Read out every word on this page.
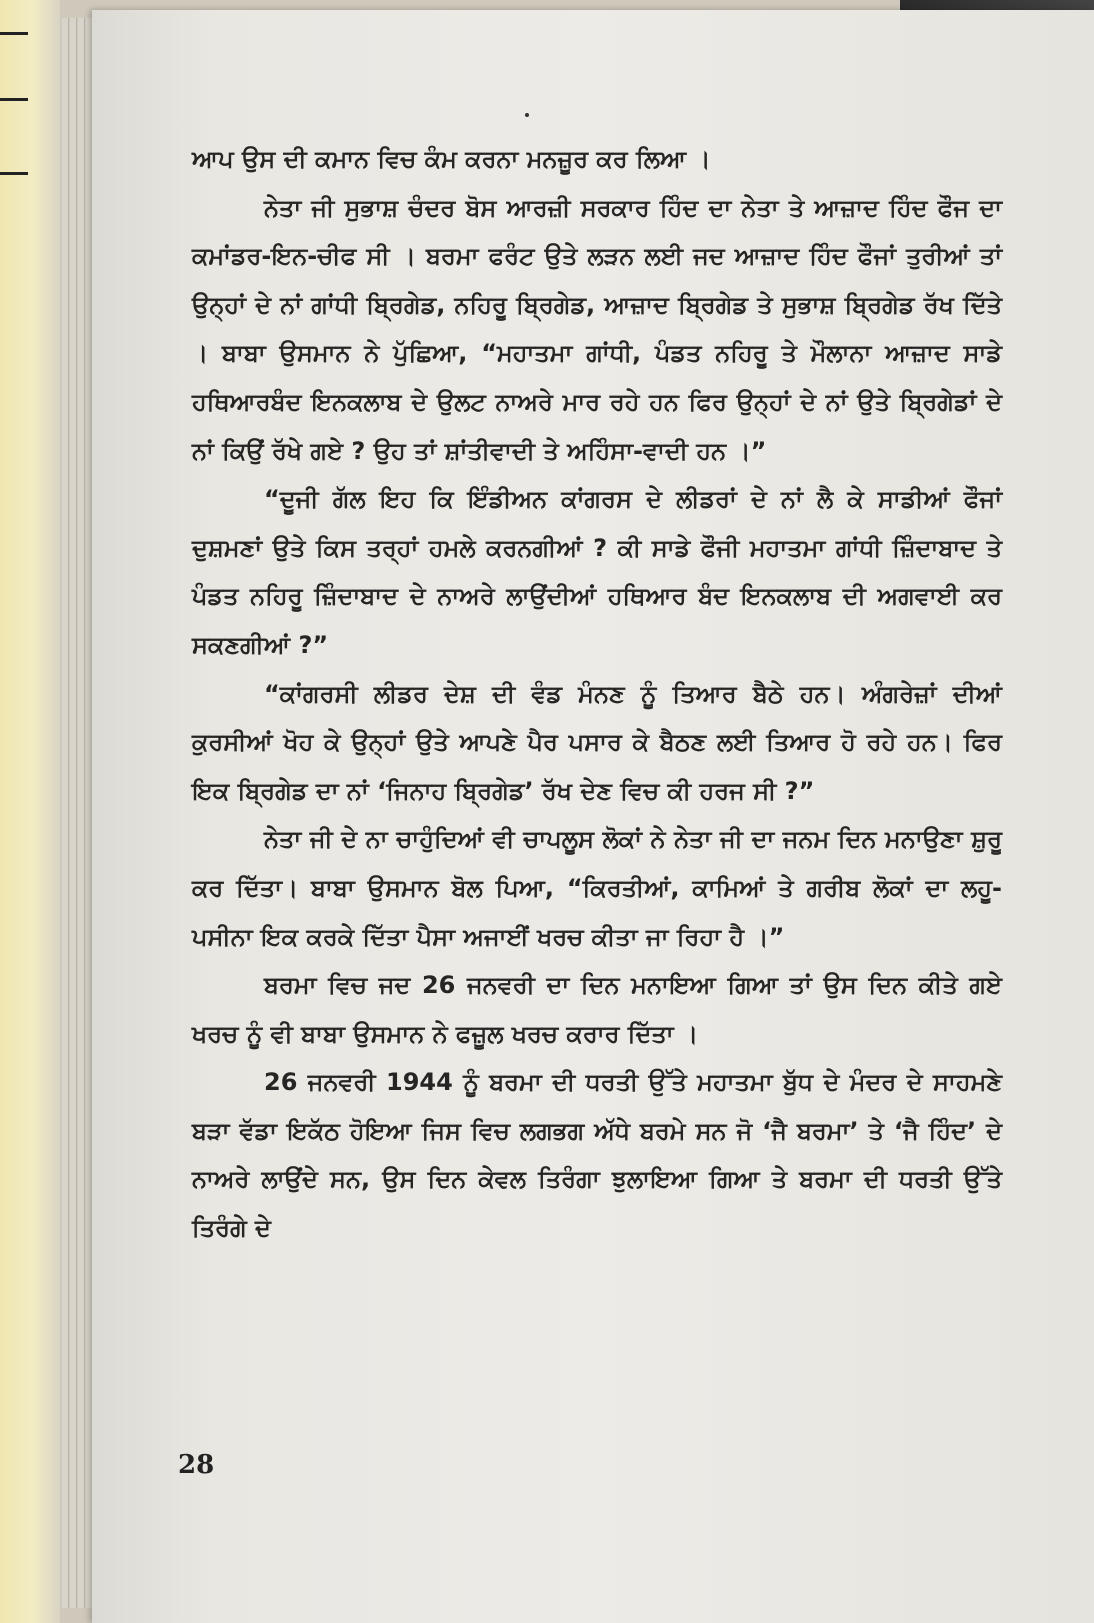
ਆਪ ਉਸ ਦੀ ਕਮਾਨ ਵਿਚ ਕੰਮ ਕਰਨਾ ਮਨਜ਼ੂਰ ਕਰ ਲਿਆ ।

ਨੇਤਾ ਜੀ ਸੁਭਾਸ਼ ਚੰਦਰ ਬੋਸ ਆਰਜ਼ੀ ਸਰਕਾਰ ਹਿੰਦ ਦਾ ਨੇਤਾ ਤੇ ਆਜ਼ਾਦ ਹਿੰਦ ਫੌਜ ਦਾ ਕਮਾਂਡਰ-ਇਨ-ਚੀਫ ਸੀ । ਬਰਮਾ ਫਰੰਟ ਉਤੇ ਲੜਨ ਲਈ ਜਦ ਆਜ਼ਾਦ ਹਿੰਦ ਫੌਜਾਂ ਤੁਰੀਆਂ ਤਾਂ ਉਨ੍ਹਾਂ ਦੇ ਨਾਂ ਗਾਂਧੀ ਬ੍ਰਿਗੇਡ, ਨਹਿਰੂ ਬ੍ਰਿਗੇਡ, ਆਜ਼ਾਦ ਬ੍ਰਿਗੇਡ ਤੇ ਸੁਭਾਸ਼ ਬ੍ਰਿਗੇਡ ਰੱਖ ਦਿੱਤੇ । ਬਾਬਾ ਉਸਮਾਨ ਨੇ ਪੁੱਛਿਆ, “ਮਹਾਤਮਾ ਗਾਂਧੀ, ਪੰਡਤ ਨਹਿਰੂ ਤੇ ਮੌਲਾਨਾ ਆਜ਼ਾਦ ਸਾਡੇ ਹਥਿਆਰਬੰਦ ਇਨਕਲਾਬ ਦੇ ਉਲਟ ਨਾਅਰੇ ਮਾਰ ਰਹੇ ਹਨ ਫਿਰ ਉਨ੍ਹਾਂ ਦੇ ਨਾਂ ਉਤੇ ਬ੍ਰਿਗੇਡਾਂ ਦੇ ਨਾਂ ਕਿਉਂ ਰੱਖੇ ਗਏ ? ਉਹ ਤਾਂ ਸ਼ਾਂਤੀਵਾਦੀ ਤੇ ਅਹਿੰਸਾ-ਵਾਦੀ ਹਨ ।”

“ਦੂਜੀ ਗੱਲ ਇਹ ਕਿ ਇੰਡੀਅਨ ਕਾਂਗਰਸ ਦੇ ਲੀਡਰਾਂ ਦੇ ਨਾਂ ਲੈ ਕੇ ਸਾਡੀਆਂ ਫੌਜਾਂ ਦੁਸ਼ਮਣਾਂ ਉਤੇ ਕਿਸ ਤਰ੍ਹਾਂ ਹਮਲੇ ਕਰਨਗੀਆਂ ? ਕੀ ਸਾਡੇ ਫੌਜੀ ਮਹਾਤਮਾ ਗਾਂਧੀ ਜ਼ਿੰਦਾਬਾਦ ਤੇ ਪੰਡਤ ਨਹਿਰੂ ਜ਼ਿੰਦਾਬਾਦ ਦੇ ਨਾਅਰੇ ਲਾਉਂਦੀਆਂ ਹਥਿਆਰ ਬੰਦ ਇਨਕਲਾਬ ਦੀ ਅਗਵਾਈ ਕਰ ਸਕਣਗੀਆਂ ?”

“ਕਾਂਗਰਸੀ ਲੀਡਰ ਦੇਸ਼ ਦੀ ਵੰਡ ਮੰਨਣ ਨੂੰ ਤਿਆਰ ਬੈਠੇ ਹਨ। ਅੰਗਰੇਜ਼ਾਂ ਦੀਆਂ ਕੁਰਸੀਆਂ ਖੋਹ ਕੇ ਉਨ੍ਹਾਂ ਉਤੇ ਆਪਣੇ ਪੈਰ ਪਸਾਰ ਕੇ ਬੈਠਣ ਲਈ ਤਿਆਰ ਹੋ ਰਹੇ ਹਨ। ਫਿਰ ਇਕ ਬ੍ਰਿਗੇਡ ਦਾ ਨਾਂ ‘ਜਿਨਾਹ ਬ੍ਰਿਗੇਡ’ ਰੱਖ ਦੇਣ ਵਿਚ ਕੀ ਹਰਜ ਸੀ ?”

ਨੇਤਾ ਜੀ ਦੇ ਨਾ ਚਾਹੁੰਦਿਆਂ ਵੀ ਚਾਪਲੂਸ ਲੋਕਾਂ ਨੇ ਨੇਤਾ ਜੀ ਦਾ ਜਨਮ ਦਿਨ ਮਨਾਉਣਾ ਸ਼ੁਰੂ ਕਰ ਦਿੱਤਾ। ਬਾਬਾ ਉਸਮਾਨ ਬੋਲ ਪਿਆ, “ਕਿਰਤੀਆਂ, ਕਾਮਿਆਂ ਤੇ ਗਰੀਬ ਲੋਕਾਂ ਦਾ ਲਹੂ-ਪਸੀਨਾ ਇਕ ਕਰਕੇ ਦਿੱਤਾ ਪੈਸਾ ਅਜਾਈਂ ਖਰਚ ਕੀਤਾ ਜਾ ਰਿਹਾ ਹੈ ।”

ਬਰਮਾ ਵਿਚ ਜਦ 26 ਜਨਵਰੀ ਦਾ ਦਿਨ ਮਨਾਇਆ ਗਿਆ ਤਾਂ ਉਸ ਦਿਨ ਕੀਤੇ ਗਏ ਖਰਚ ਨੂੰ ਵੀ ਬਾਬਾ ਉਸਮਾਨ ਨੇ ਫਜ਼ੂਲ ਖਰਚ ਕਰਾਰ ਦਿੱਤਾ ।

26 ਜਨਵਰੀ 1944 ਨੂੰ ਬਰਮਾ ਦੀ ਧਰਤੀ ਉੱਤੇ ਮਹਾਤਮਾ ਬੁੱਧ ਦੇ ਮੰਦਰ ਦੇ ਸਾਹਮਣੇ ਬੜਾ ਵੱਡਾ ਇਕੱਠ ਹੋਇਆ ਜਿਸ ਵਿਚ ਲਗਭਗ ਅੱਧੇ ਬਰਮੇ ਸਨ ਜੋ ‘ਜੈ ਬਰਮਾ’ ਤੇ ‘ਜੈ ਹਿੰਦ’ ਦੇ ਨਾਅਰੇ ਲਾਉਂਦੇ ਸਨ, ਉਸ ਦਿਨ ਕੇਵਲ ਤਿਰੰਗਾ ਝੁਲਾਇਆ ਗਿਆ ਤੇ ਬਰਮਾ ਦੀ ਧਰਤੀ ਉੱਤੇ ਤਿਰੰਗੇ ਦੇ

28
